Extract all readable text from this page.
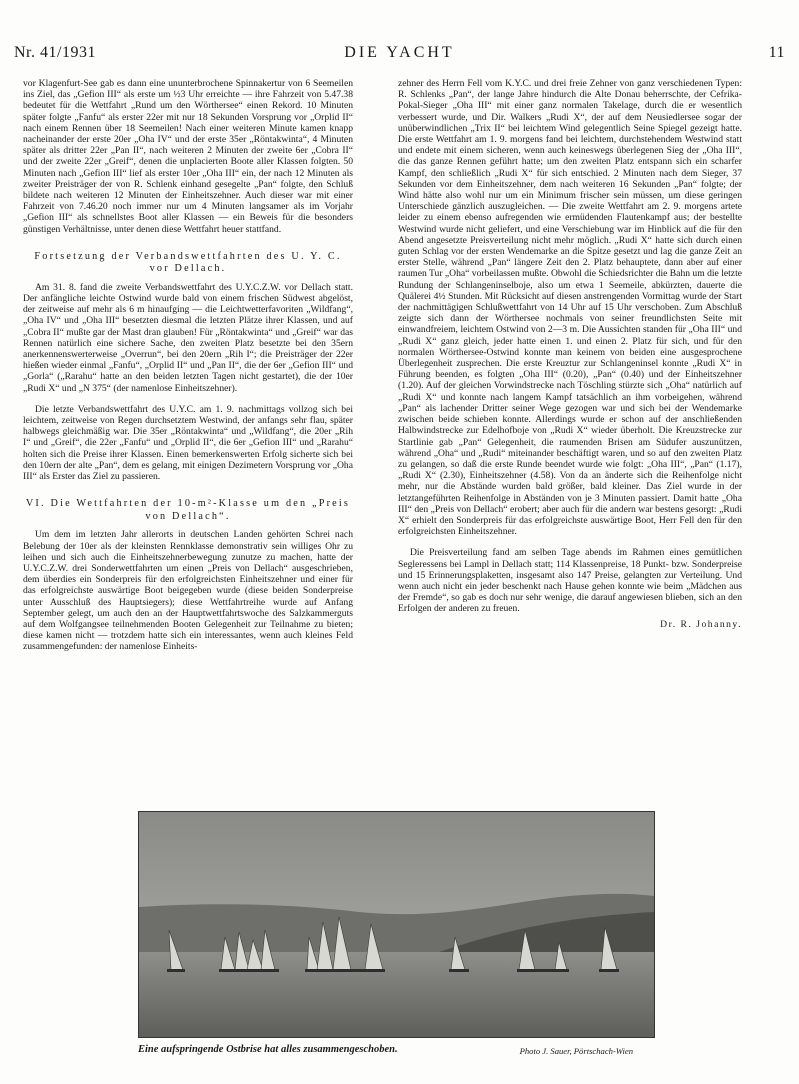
Nr. 41/1931	DIE YACHT	11

vor Klagenfurt-See gab es dann eine ununterbrochene Spinnakertur von 6 Seemeilen ins Ziel, das „Gefion III“ als erste um ½3 Uhr erreichte — ihre Fahrzeit von 5.47.38 bedeutet für die Wettfahrt „Rund um den Wörthersee“ einen Rekord. 10 Minuten später folgte „Fanfu“ als erster 22er mit nur 18 Sekunden Vorsprung vor „Orplid II“ nach einem Rennen über 18 Seemeilen! Nach einer weiteren Minute kamen knapp nacheinander der erste 20er „Oha IV“ und der erste 35er „Röntakwinta“, 4 Minuten später als dritter 22er „Pan II“, nach weiteren 2 Minuten der zweite 6er „Cobra II“ und der zweite 22er „Greif“, denen die unplacierten Boote aller Klassen folgten. 50 Minuten nach „Gefion III“ lief als erster 10er „Oha III“ ein, der nach 12 Minuten als zweiter Preisträger der von R. Schlenk einhand gesegelte „Pan“ folgte, den Schluß bildete nach weiteren 12 Minuten der Einheitszehner. Auch dieser war mit einer Fahrzeit von 7.46.20 noch immer nur um 4 Minuten langsamer als im Vorjahr „Gefion III“ als schnellstes Boot aller Klassen — ein Beweis für die besonders günstigen Verhältnisse, unter denen diese Wettfahrt heuer stattfand.

Fortsetzung der Verbandswettfahrten des U. Y. C. vor Dellach.

Am 31. 8. fand die zweite Verbandswettfahrt des U.Y.C.Z.W. vor Dellach statt. Der anfängliche leichte Ostwind wurde bald von einem frischen Südwest abgelöst, der zeitweise auf mehr als 6 m hinaufging — die Leichtwetterfavoriten „Wildfang“, „Oha IV“ und „Oha III“ besetzten diesmal die letzten Plätze ihrer Klassen, und auf „Cobra II“ mußte gar der Mast dran glauben! Für „Röntakwinta“ und „Greif“ war das Rennen natürlich eine sichere Sache, den zweiten Platz besetzte bei den 35ern anerkennenswerterweise „Overrun“, bei den 20ern „Rih I“; die Preisträger der 22er hießen wieder einmal „Fanfu“, „Orplid II“ und „Pan II“, die der 6er „Gefion III“ und „Gorla“ („Rarahu“ hatte an den beiden letzten Tagen nicht gestartet), die der 10er „Rudi X“ und „N 375“ (der namenlose Einheitszehner).

Die letzte Verbandswettfahrt des U.Y.C. am 1. 9. nachmittags vollzog sich bei leichtem, zeitweise von Regen durchsetztem Westwind, der anfangs sehr flau, später halbwegs gleichmäßig war. Die 35er „Röntakwinta“ und „Wildfang“, die 20er „Rih I“ und „Greif“, die 22er „Fanfu“ und „Orplid II“, die 6er „Gefion III“ und „Rarahu“ holten sich die Preise ihrer Klassen. Einen bemerkenswerten Erfolg sicherte sich bei den 10ern der alte „Pan“, dem es gelang, mit einigen Dezimetern Vorsprung vor „Oha III“ als Erster das Ziel zu passieren.

VI. Die Wettfahrten der 10-m²-Klasse um den „Preis von Dellach“.

Um dem im letzten Jahr allerorts in deutschen Landen gehörten Schrei nach Belebung der 10er als der kleinsten Rennklasse demonstrativ sein williges Ohr zu leihen und sich auch die Einheitszehnerbewegung zunutze zu machen, hatte der U.Y.C.Z.W. drei Sonderwettfahrten um einen „Preis von Dellach“ ausgeschrieben, dem überdies ein Sonderpreis für den erfolgreichsten Einheitszehner und einer für das erfolgreichste auswärtige Boot beigegeben wurde (diese beiden Sonderpreise unter Ausschluß des Hauptsiegers); diese Wettfahrtreihe wurde auf Anfang September gelegt, um auch den an der Hauptwettfahrtswoche des Salzkammerguts auf dem Wolfgangsee teilnehmenden Booten Gelegenheit zur Teilnahme zu bieten; diese kamen nicht — trotzdem hatte sich ein interessantes, wenn auch kleines Feld zusammengefunden: der namenlose Einheits-

zehner des Herrn Fell vom K.Y.C. und drei freie Zehner von ganz verschiedenen Typen: R. Schlenks „Pan“, der lange Jahre hindurch die Alte Donau beherrschte, der Cefrika-Pokal-Sieger „Oha III“ mit einer ganz normalen Takelage, durch die er wesentlich verbessert wurde, und Dir. Walkers „Rudi X“, der auf dem Neusiedlersee sogar der unüberwindlichen „Trix II“ bei leichtem Wind gelegentlich Seine Spiegel gezeigt hatte. Die erste Wettfahrt am 1. 9. morgens fand bei leichtem, durchstehendem Westwind statt und endete mit einem sicheren, wenn auch keineswegs überlegenen Sieg der „Oha III“, die das ganze Rennen geführt hatte; um den zweiten Platz entspann sich ein scharfer Kampf, den schließlich „Rudi X“ für sich entschied. 2 Minuten nach dem Sieger, 37 Sekunden vor dem Einheitszehner, dem nach weiteren 16 Sekunden „Pan“ folgte; der Wind hätte also wohl nur um ein Minimum frischer sein müssen, um diese geringen Unterschiede gänzlich auszugleichen. — Die zweite Wettfahrt am 2. 9. morgens artete leider zu einem ebenso aufregenden wie ermüdenden Flautenkampf aus; der bestellte Westwind wurde nicht geliefert, und eine Verschiebung war im Hinblick auf die für den Abend angesetzte Preisverteilung nicht mehr möglich. „Rudi X“ hatte sich durch einen guten Schlag vor der ersten Wendemarke an die Spitze gesetzt und lag die ganze Zeit an erster Stelle, während „Pan“ längere Zeit den 2. Platz behauptete, dann aber auf einer raumen Tur „Oha“ vorbeilassen mußte. Obwohl die Schiedsrichter die Bahn um die letzte Rundung der Schlangeninselboje, also um etwa 1 Seemeile, abkürzten, dauerte die Quälerei 4½ Stunden. Mit Rücksicht auf diesen anstrengenden Vormittag wurde der Start der nachmittägigen Schlußwettfahrt von 14 Uhr auf 15 Uhr verschoben. Zum Abschluß zeigte sich dann der Wörthersee nochmals von seiner freundlichsten Seite mit einwandfreiem, leichtem Ostwind von 2—3 m. Die Aussichten standen für „Oha III“ und „Rudi X“ ganz gleich, jeder hatte einen 1. und einen 2. Platz für sich, und für den normalen Wörthersee-Ostwind konnte man keinem von beiden eine ausgesprochene Überlegenheit zusprechen. Die erste Kreuztur zur Schlangeninsel konnte „Rudi X“ in Führung beenden, es folgten „Oha III“ (0.20), „Pan“ (0.40) und der Einheitszehner (1.20). Auf der gleichen Vorwindstrecke nach Töschling stürzte sich „Oha“ natürlich auf „Rudi X“ und konnte nach langem Kampf tatsächlich an ihm vorbeigehen, während „Pan“ als lachender Dritter seiner Wege gezogen war und sich bei der Wendemarke zwischen beide schieben konnte. Allerdings wurde er schon auf der anschließenden Halbwindstrecke zur Edelhofboje von „Rudi X“ wieder überholt. Die Kreuzstrecke zur Startlinie gab „Pan“ Gelegenheit, die raumenden Brisen am Südufer auszunützen, während „Oha“ und „Rudi“ miteinander beschäftigt waren, und so auf den zweiten Platz zu gelangen, so daß die erste Runde beendet wurde wie folgt: „Oha III“, „Pan“ (1.17), „Rudi X“ (2.30), Einheitszehner (4.58). Von da an änderte sich die Reihenfolge nicht mehr, nur die Abstände wurden bald größer, bald kleiner. Das Ziel wurde in der letztangeführten Reihenfolge in Abständen von je 3 Minuten passiert. Damit hatte „Oha III“ den „Preis von Dellach“ erobert; aber auch für die andern war bestens gesorgt: „Rudi X“ erhielt den Sonderpreis für das erfolgreichste auswärtige Boot, Herr Fell den für den erfolgreichsten Einheitszehner.

Die Preisverteilung fand am selben Tage abends im Rahmen eines gemütlichen Segleressens bei Lampl in Dellach statt; 114 Klassenpreise, 18 Punkt- bzw. Sonderpreise und 15 Erinnerungsplaketten, insgesamt also 147 Preise, gelangten zur Verteilung. Und wenn auch nicht ein jeder beschenkt nach Hause gehen konnte wie beim „Mädchen aus der Fremde“, so gab es doch nur sehr wenige, die darauf angewiesen blieben, sich an den Erfolgen der anderen zu freuen.

Dr. R. Johanny.
Eine aufspringende Ostbrise hat alles zusammengeschoben.	Photo J. Sauer, Pörtschach-Wien
